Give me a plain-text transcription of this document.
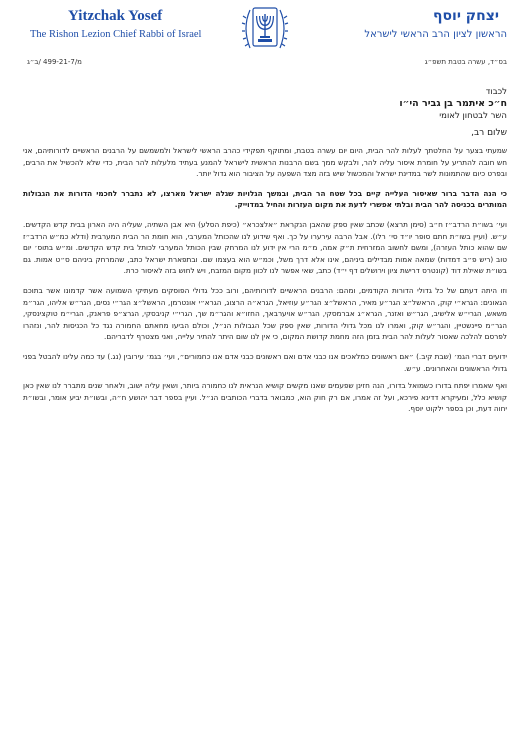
Yitzchak Yosef
The Rishon Lezion Chief Rabbi of Israel
יצחק יוסף
הראשון לציון הרב הראשי לישראל
בס״ד, עשרה בטבת תשפ״ג
מ/499-21-7 /ב״ג
לכבוד
ח״כ איתמר בן גביר הי״ו
השר לבטחון לאומי
שלום רב,

שמעתי בצער על החלטתך לעלות להר הבית, היום יום עשרה בטבת, ומתוקף תפקידי כהרב הראשי לישראל ולמשמשם על הרבנים הראשיים לדורותיהם, אני חש חובה להתריע על חומרת איסור עליה להר, ולבקש ממך בשם הרבנות הראשית לישראל להמנע בעתיד מלעלות להר הבית, כדי שלא להכשיל את הרבים, ובפרט כיום שהתמונות לשר במדינת ישראל והמכשול שיש בזה מצד השפעה על הציבור הוא גדול יותר.

כי הנה הדבר ברור שאיסור העלייה קיים בכל שטח הר הבית, ובמשך הגלויות שגלה ישראל מארצו, לא נתברר לחכמי הדורות את הגבולות המותרים בכניסה להר הבית ובלתי אפשרי לדעת את מקום העזרות והחיל במדוייק.

ועי׳ בשו״ת הרדב״ז ח״ב (סימן תרצא) שכתב שאין ספק שהאבן הנקראת ״אלצכרא״ (כיפת הסלע) היא אבן השתיה, שעליה היה הארון בבית קדש הקדשים. ע״ש. (ועיין בשו״ת חתם סופר יו״ד סי׳ רלו). אבל הרבה עירערו על כך. ואף שידוע לנו שהכותל המערבי, הוא חומת הר הבית המערבית (ודלא כמ״ש הרדב״ז שם שהוא כותל העזרה), ומשם לחשוב המזרחית ת״ק אמה, מ״מ הרי אין ידוע לנו המרחק שבין הכותל המערבי לכותל בית קדש הקדשים. ומ״ש בתוס׳ יום טוב (ריש פ״ב דמדות) שמאה אמות מבדילים ביניהם, אינו אלא דרך משל, וכמ״ש הוא בעצמו שם. ובתפארת ישראל כתב, שהמרחק ביניהם ס״ט אמות. גם בשו״ת שאילת דוד (קונטרס דרישת ציון וירושלים דף י״ד) כתב, שאי אפשר לנו לכוון מקום המזבח, ויש לחוש בזה לאיסור כרת.

וזו היתה דעתם של כל גדולי הדורות הקודמים, ומהם: הרבנים הראשיים לדורותיהם, ורוב ככל גדולי הפוסקים מעתיקי השמועה אשר קדמונו אשר בתוכם הגאונים: הגרא״י קוק, הראשל״צ הגר״ע מאיר, הראשל״צ הגר״ע עוזיאל, הגרא״ה הרצוג, הגרא״י אונטרמן, הראשל״צ הגר״י נסים, הגר״ש אליהו, הגר״מ משאש, הגרי״ש אלישיב, הגר״ש ואזנר, הגרא״ג אברמסקי, הגר״ש אויערבאך, החזו״א והגר״מ שך, הגרי״י קניבסקי, הגרצ״פ פראנק, הגרי״מ טוקצינסקי, הגר״מ פיינשטיין, והגר״ש קוק, ואמרו לנו מכל גדולי הדורות, שאין ספק שכל הגבולות הנ״ל, וכולם הביעו מחאתם החמורה נגד כל הכניסות להר, ונזהרו לפרסם להלכה שאסור לעלות להר הבית בזמן הזה מחמת קדושת המקום, כי אין לנו שום היתר להתיר עלייה, ואני מצטרף לדבריהם.

ידועים דברי הגמ׳ (שבת קיב.) ״אם ראשונים כמלאכים אנו כבני אדם ואם ראשונים כבני אדם אנו כחמורים״, ועי׳ בגמ׳ עירובין (נג.) עד כמה עלינו להבטל בפני גדולי הראשונים והאחרונים. ע״ש.

ואף שאמרו יפתח בדורו כשמואל בדורו, הנה חזינן שפעמים שאנו מקשים קושיא הנראית לנו כחמורה ביותר, ושאין עליה ישוב, ולאחר שנים מתברר לנו שאין כאן קושיא כלל, ומעיקרא דדינא פירכא, ועל זה אמרו, אם רק חוק הוא, כמבואר בדברי הכותבים הנ״ל. ועיין בספר דבר יהושע ח״ה, ובשו״ת יביע אומר, ובשו״ת יחוה דעת, וכן בספר ילקוט יוסף.
